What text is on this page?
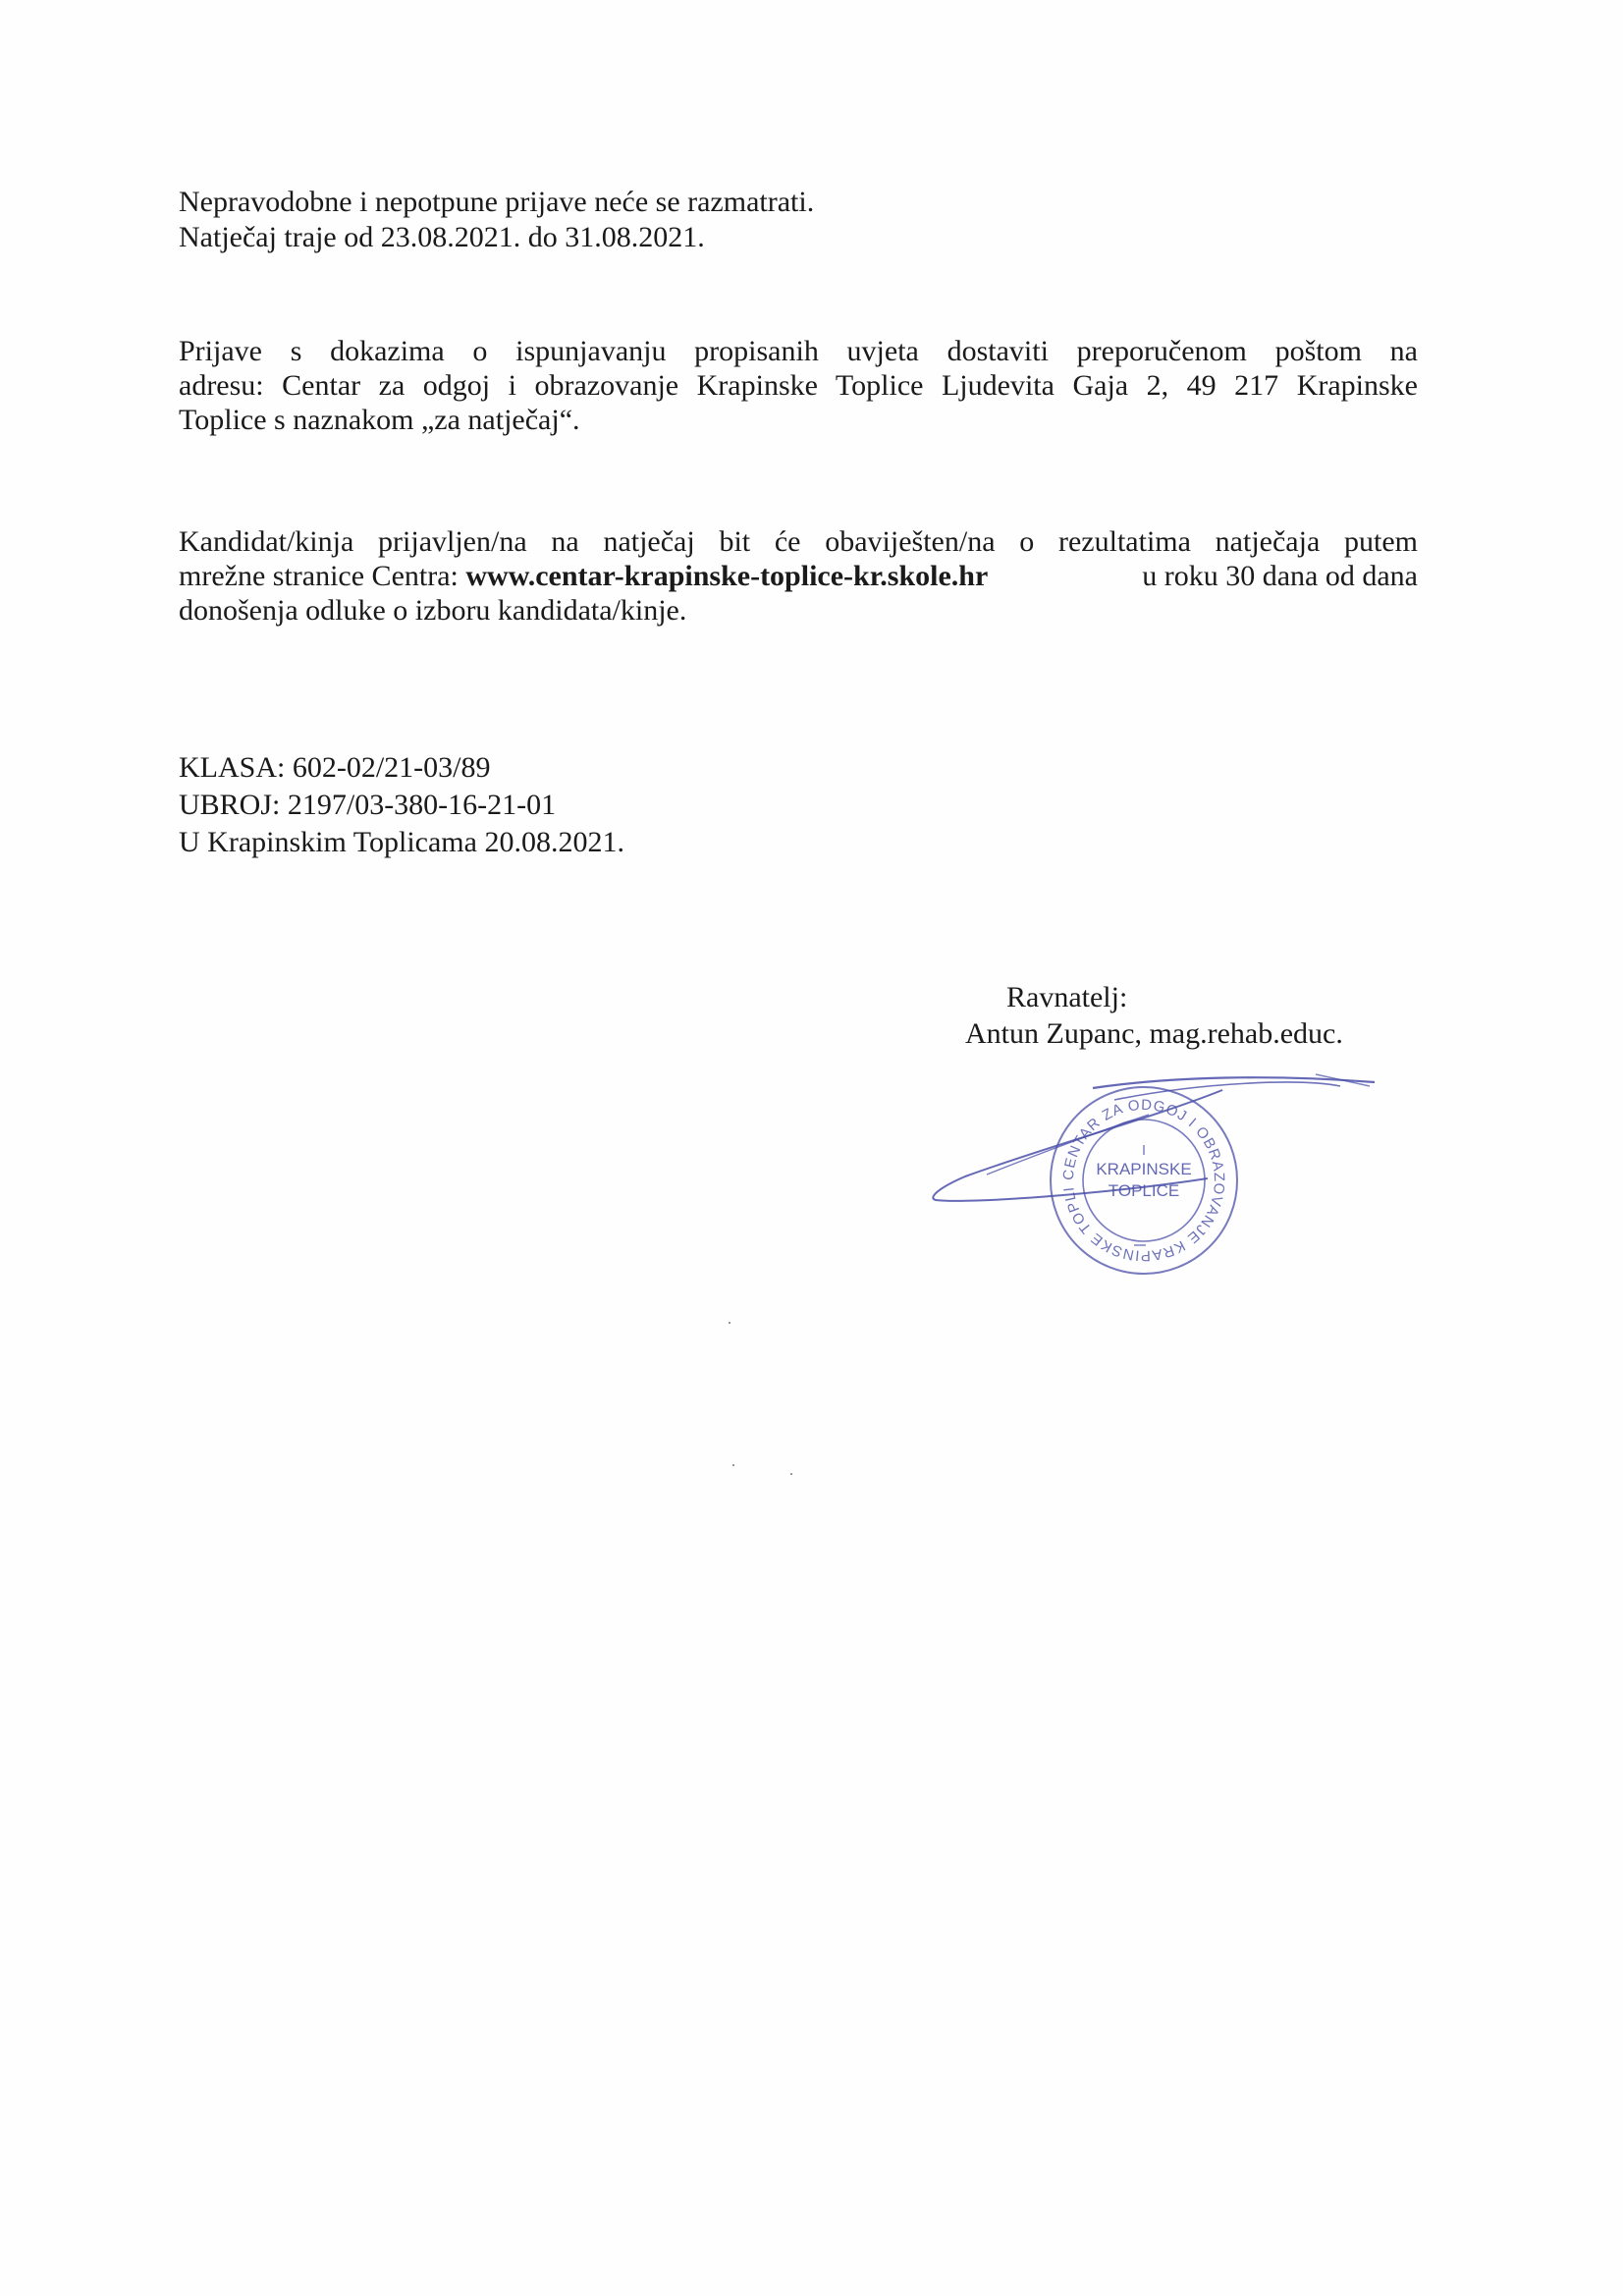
Nepravodobne i nepotpune prijave neće se razmatrati.
Natječaj traje od 23.08.2021. do 31.08.2021.
Prijave s dokazima o ispunjavanju propisanih uvjeta dostaviti preporučenom poštom na
adresu: Centar za odgoj i obrazovanje Krapinske Toplice Ljudevita Gaja 2, 49 217 Krapinske
Toplice s naznakom „za natječaj“.
Kandidat/kinja prijavljen/na na natječaj bit će obaviješten/na o rezultatima natječaja putem
mrežne stranice Centra: www.centar-krapinske-toplice-kr.skole.hr	u roku 30 dana od dana
donošenja odluke o izboru kandidata/kinje.
KLASA: 602-02/21-03/89
UBROJ: 2197/03-380-16-21-01
U Krapinskim Toplicama 20.08.2021.
Ravnatelj:
Antun Zupanc, mag.rehab.educ.
CENTAR ZA ODGOJ I OBRAZOVANJE KRAPINSKE TOPLI
KRAPINSKE
TOPLICE
